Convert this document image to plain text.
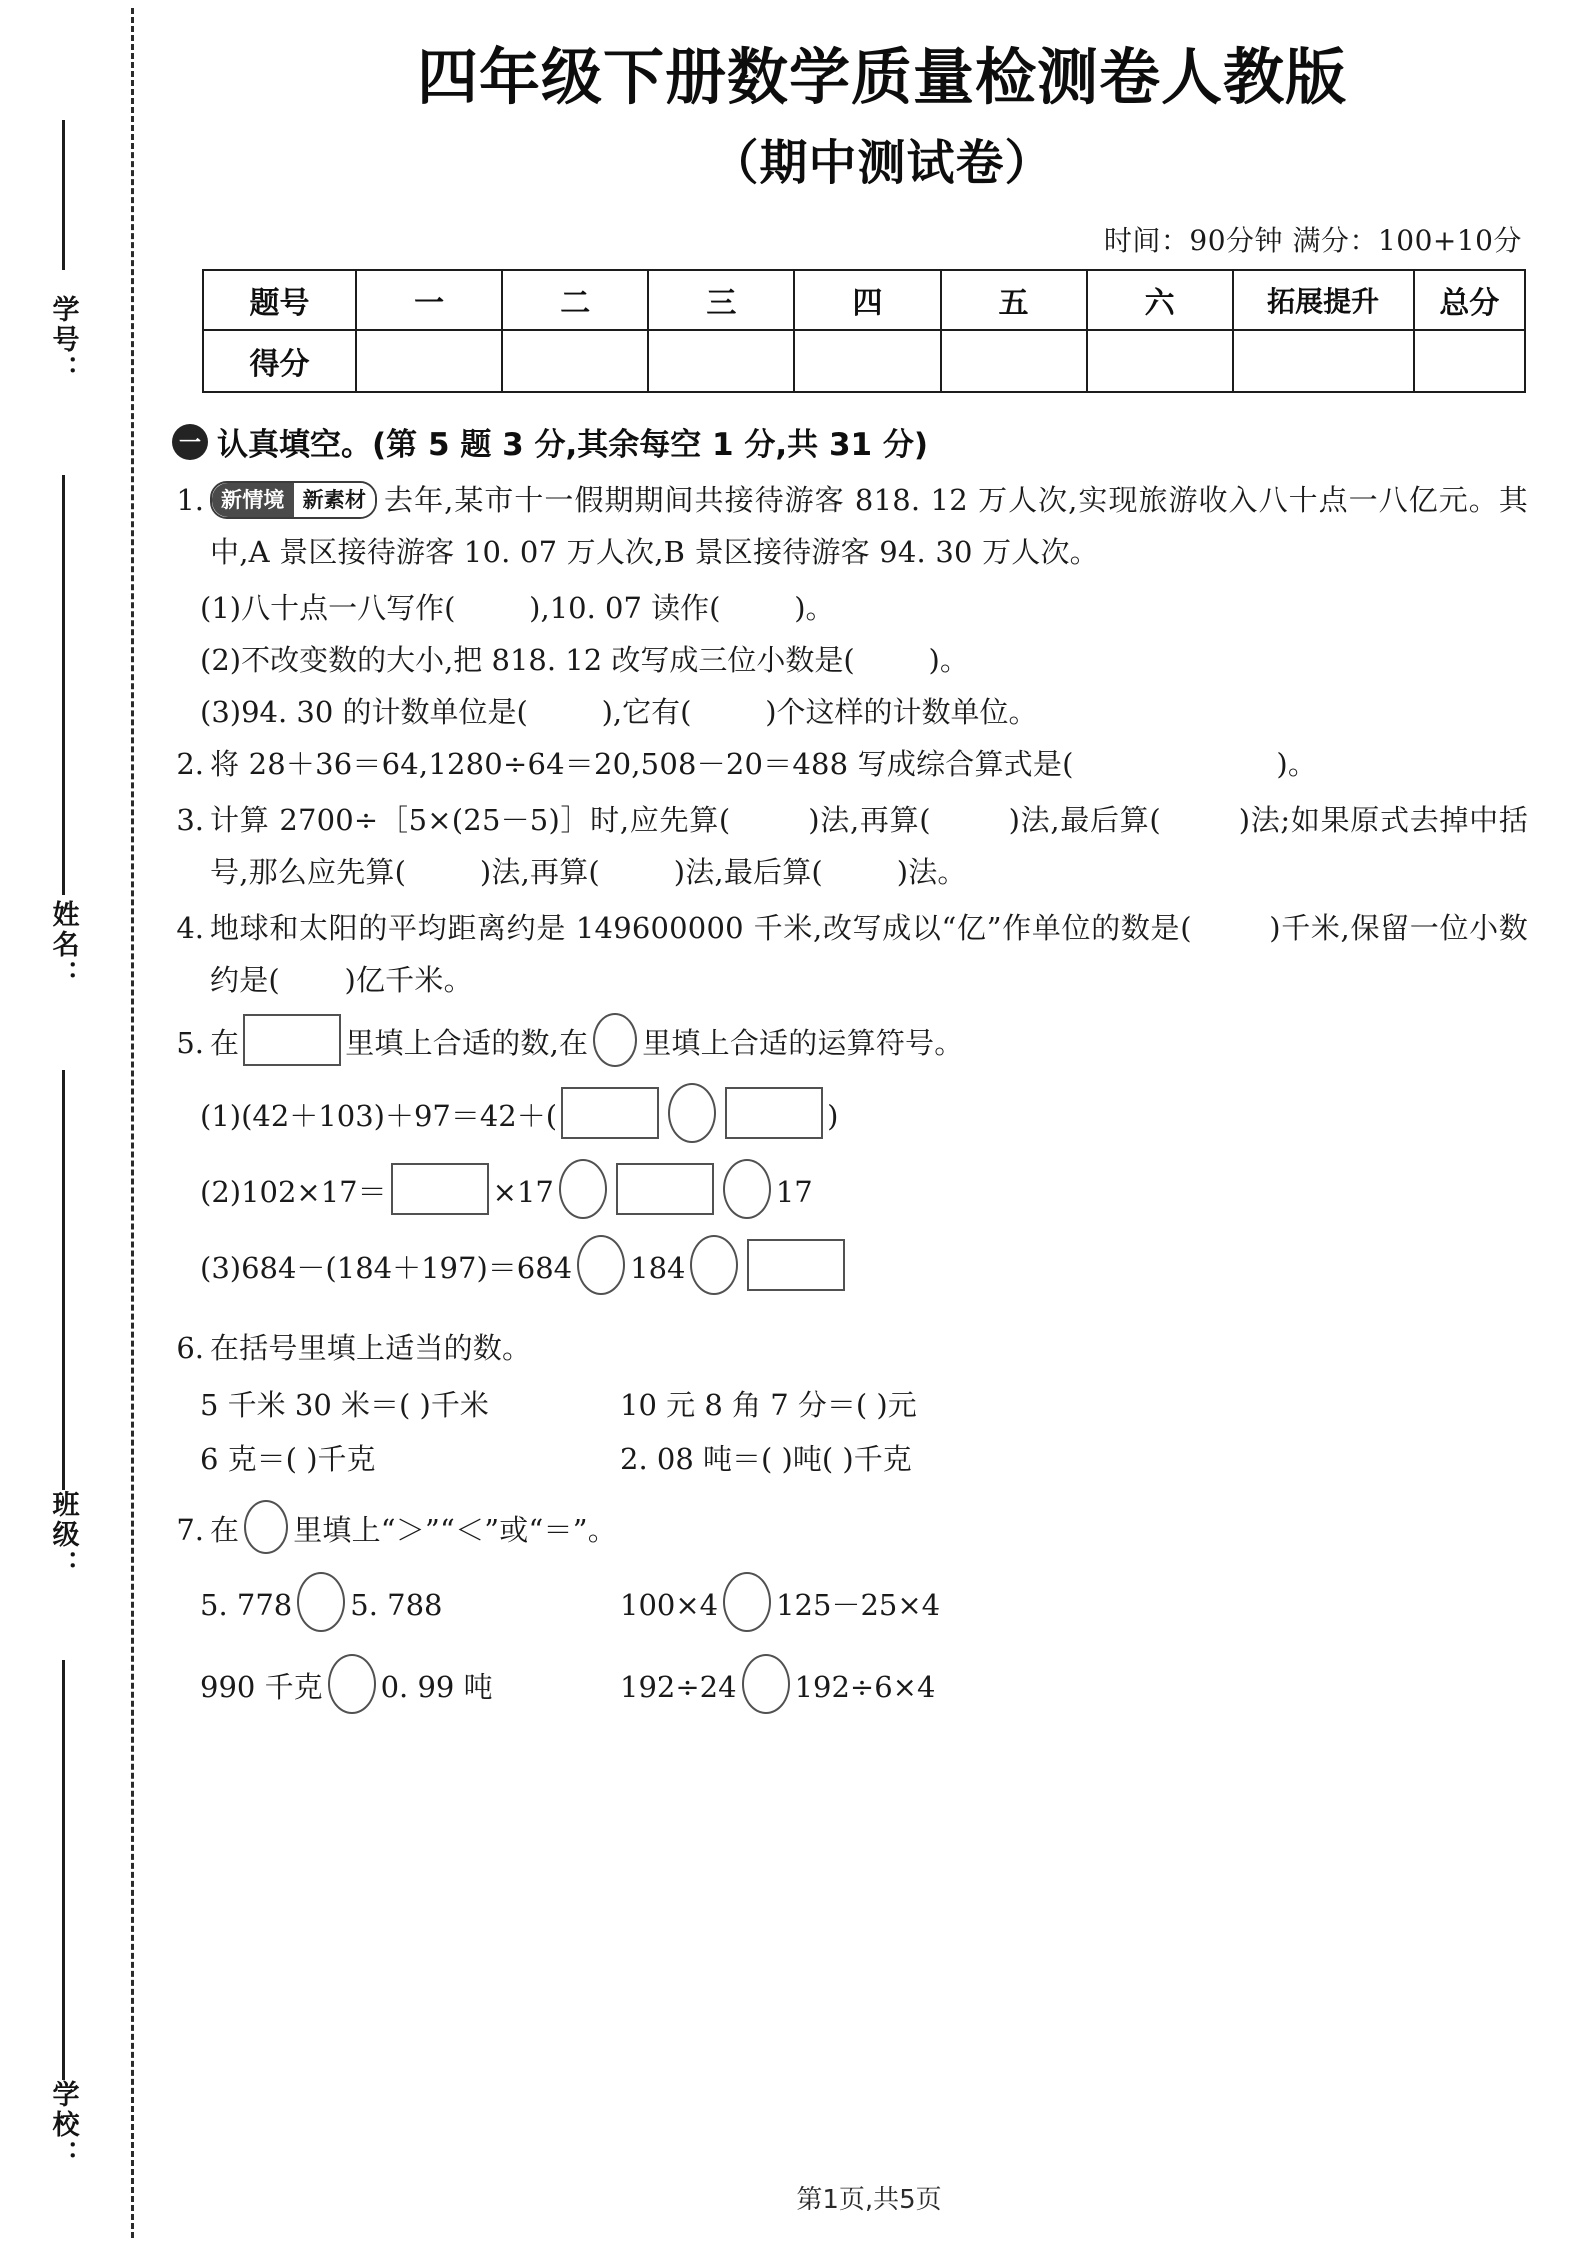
学号：
姓名：
班级：
学校：
四年级下册数学质量检测卷人教版
（期中测试卷）
时间：90分钟 满分：100+10分
题号	一	二	三	四	五	六	拓展提升	总分
得分								
一 认真填空。(第 5 题 3 分,其余每空 1 分,共 31 分)
1. 新情境 新素材 去年,某市十一假期期间共接待游客 818. 12 万人次,实现旅游收入八十点一八亿元。其中,A 景区接待游客 10. 07 万人次,B 景区接待游客 94. 30 万人次。
(1)八十点一八写作(	),10. 07 读作(	)。
(2)不改变数的大小,把 818. 12 改写成三位小数是(	)。
(3)94. 30 的计数单位是(	),它有(	)个这样的计数单位。
2. 将 28＋36＝64,1280÷64＝20,508－20＝488 写成综合算式是(	)。
3. 计算 2700÷［5×(25－5)］时,应先算(	)法,再算(	)法,最后算(	)法;如果原式去掉中括号,那么应先算(	)法,再算(	)法,最后算(	)法。
4. 地球和太阳的平均距离约是 149600000 千米,改写成以“亿”作单位的数是(	)千米,保留一位小数约是( )亿千米。
5. 在	里填上合适的数,在 里填上合适的运算符号。
(1)(42＋103)＋97＝42＋(	)
(2)102×17＝	×17	17
(3)684－(184＋197)＝684 184
6. 在括号里填上适当的数。
5 千米 30 米＝( )千米	10 元 8 角 7 分＝( )元
6 克＝( )千克	2. 08 吨＝( )吨( )千克
7. 在 里填上“＞”“＜”或“＝”。
5. 778 5. 788	100×4 125－25×4
990 千克 0. 99 吨	192÷24 192÷6×4
第1页,共5页
